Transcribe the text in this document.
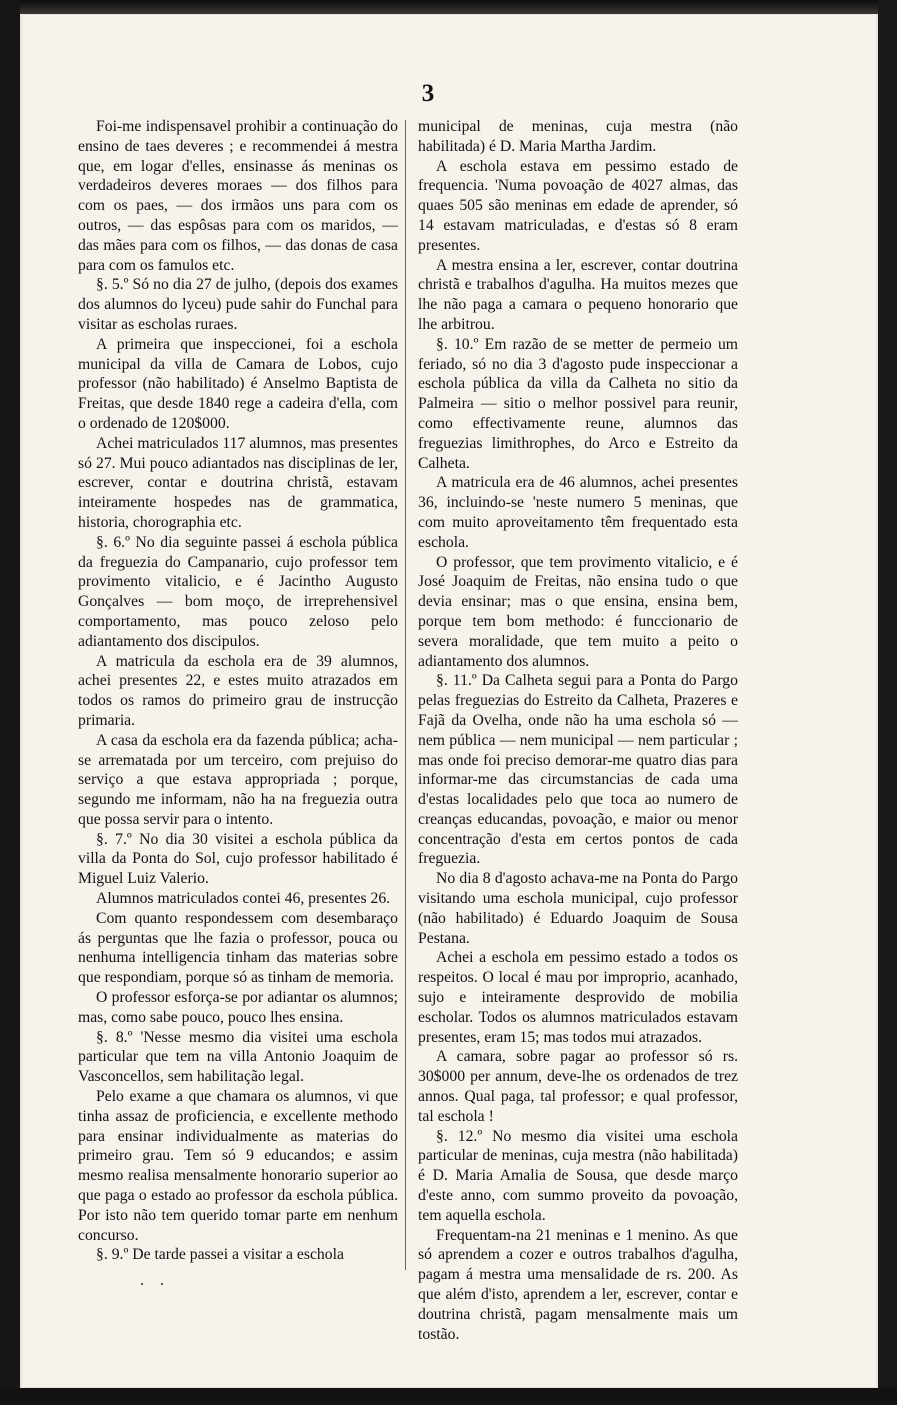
3

Foi-me indispensavel prohibir a continuação do ensino de taes deveres ; e recommendei á mestra que, em logar d'elles, ensinasse ás meninas os verdadeiros deveres moraes — dos filhos para com os paes, — dos irmãos uns para com os outros, — das espôsas para com os maridos, — das mães para com os filhos, — das donas de casa para com os famulos etc.

§. 5.º Só no dia 27 de julho, (depois dos exames dos alumnos do lyceu) pude sahir do Funchal para visitar as escholas ruraes.

A primeira que inspeccionei, foi a eschola municipal da villa de Camara de Lobos, cujo professor (não habilitado) é Anselmo Baptista de Freitas, que desde 1840 rege a cadeira d'ella, com o ordenado de 120$000.

Achei matriculados 117 alumnos, mas presentes só 27. Mui pouco adiantados nas disciplinas de ler, escrever, contar e doutrina christã, estavam inteiramente hospedes nas de grammatica, historia, chorographia etc.

§. 6.º No dia seguinte passei á eschola pública da freguezia do Campanario, cujo professor tem provimento vitalicio, e é Jacintho Augusto Gonçalves — bom moço, de irreprehensivel comportamento, mas pouco zeloso pelo adiantamento dos discipulos.

A matricula da eschola era de 39 alumnos, achei presentes 22, e estes muito atrazados em todos os ramos do primeiro grau de instrucção primaria.

A casa da eschola era da fazenda pública; acha-se arrematada por um terceiro, com prejuiso do serviço a que estava appropriada ; porque, segundo me informam, não ha na freguezia outra que possa servir para o intento.

§. 7.º No dia 30 visitei a eschola pública da villa da Ponta do Sol, cujo professor habilitado é Miguel Luiz Valerio.

Alumnos matriculados contei 46, presentes 26.

Com quanto respondessem com desembaraço ás perguntas que lhe fazia o professor, pouca ou nenhuma intelligencia tinham das materias sobre que respondiam, porque só as tinham de memoria.

O professor esforça-se por adiantar os alumnos; mas, como sabe pouco, pouco lhes ensina.

§. 8.º 'Nesse mesmo dia visitei uma eschola particular que tem na villa Antonio Joaquim de Vasconcellos, sem habilitação legal.

Pelo exame a que chamara os alumnos, vi que tinha assaz de proficiencia, e excellente methodo para ensinar individualmente as materias do primeiro grau. Tem só 9 educandos; e assim mesmo realisa mensalmente honorario superior ao que paga o estado ao professor da eschola pública. Por isto não tem querido tomar parte em nenhum concurso.

§. 9.º De tarde passei a visitar a eschola

municipal de meninas, cuja mestra (não habilitada) é D. Maria Martha Jardim.

A eschola estava em pessimo estado de frequencia. 'Numa povoação de 4027 almas, das quaes 505 são meninas em edade de aprender, só 14 estavam matriculadas, e d'estas só 8 eram presentes.

A mestra ensina a ler, escrever, contar doutrina christã e trabalhos d'agulha. Ha muitos mezes que lhe não paga a camara o pequeno honorario que lhe arbitrou.

§. 10.º Em razão de se metter de permeio um feriado, só no dia 3 d'agosto pude inspeccionar a eschola pública da villa da Calheta no sitio da Palmeira — sitio o melhor possivel para reunir, como effectivamente reune, alumnos das freguezias limithrophes, do Arco e Estreito da Calheta.

A matricula era de 46 alumnos, achei presentes 36, incluindo-se 'neste numero 5 meninas, que com muito aproveitamento têm frequentado esta eschola.

O professor, que tem provimento vitalicio, e é José Joaquim de Freitas, não ensina tudo o que devia ensinar; mas o que ensina, ensina bem, porque tem bom methodo: é funccionario de severa moralidade, que tem muito a peito o adiantamento dos alumnos.

§. 11.º Da Calheta segui para a Ponta do Pargo pelas freguezias do Estreito da Calheta, Prazeres e Fajã da Ovelha, onde não ha uma eschola só — nem pública — nem municipal — nem particular ; mas onde foi preciso demorar-me quatro dias para informar-me das circumstancias de cada uma d'estas localidades pelo que toca ao numero de creanças educandas, povoação, e maior ou menor concentração d'esta em certos pontos de cada freguezia.

No dia 8 d'agosto achava-me na Ponta do Pargo visitando uma eschola municipal, cujo professor (não habilitado) é Eduardo Joaquim de Sousa Pestana.

Achei a eschola em pessimo estado a todos os respeitos. O local é mau por improprio, acanhado, sujo e inteiramente desprovido de mobilia escholar. Todos os alumnos matriculados estavam presentes, eram 15; mas todos mui atrazados.

A camara, sobre pagar ao professor só rs. 30$000 per annum, deve-lhe os ordenados de trez annos. Qual paga, tal professor; e qual professor, tal eschola !

§. 12.º No mesmo dia visitei uma eschola particular de meninas, cuja mestra (não habilitada) é D. Maria Amalia de Sousa, que desde março d'este anno, com summo proveito da povoação, tem aquella eschola.

Frequentam-na 21 meninas e 1 menino. As que só aprendem a cozer e outros trabalhos d'agulha, pagam á mestra uma mensalidade de rs. 200. As que além d'isto, aprendem a ler, escrever, contar e doutrina christã, pagam mensalmente mais um tostão.

. .
